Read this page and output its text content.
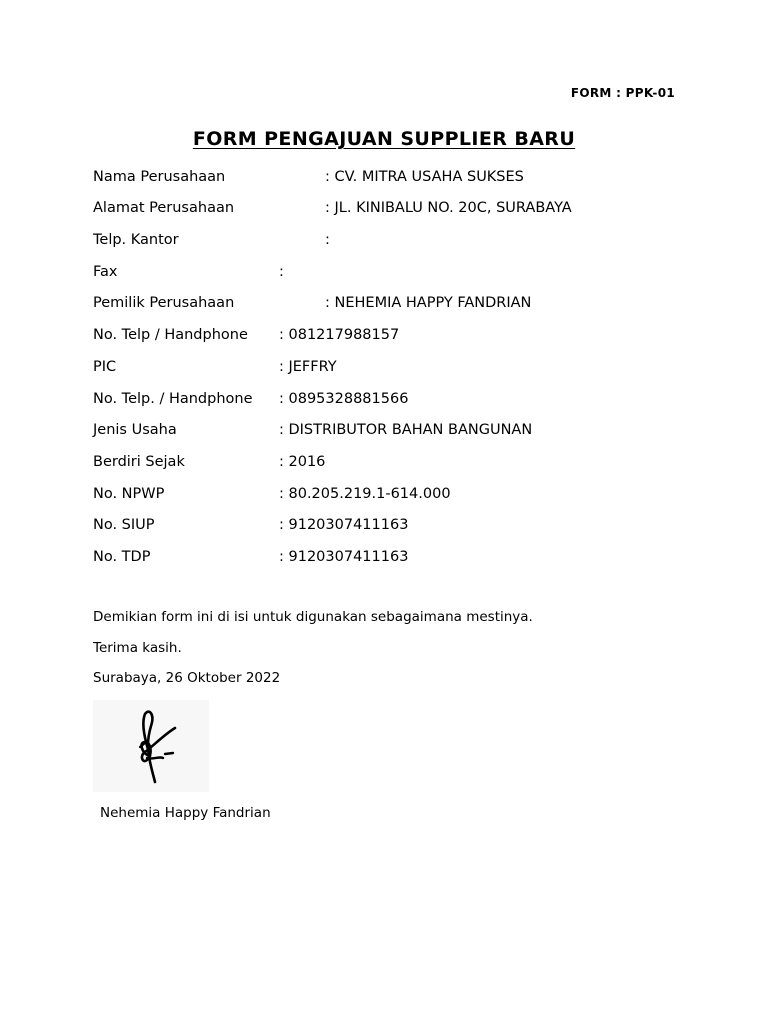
FORM : PPK-01
FORM PENGAJUAN SUPPLIER BARU
Nama Perusahaan	: CV. MITRA USAHA SUKSES
Alamat Perusahaan	: JL. KINIBALU NO. 20C, SURABAYA
Telp. Kantor	:
Fax	:
Pemilik Perusahaan	: NEHEMIA HAPPY FANDRIAN
No. Telp / Handphone : 081217988157
PIC	: JEFFRY
No. Telp. / Handphone : 0895328881566
Jenis Usaha	: DISTRIBUTOR BAHAN BANGUNAN
Berdiri Sejak	: 2016
No. NPWP	: 80.205.219.1-614.000
No. SIUP	: 9120307411163
No. TDP	: 9120307411163
Demikian form ini di isi untuk digunakan sebagaimana mestinya.
Terima kasih.
Surabaya, 26 Oktober 2022
Nehemia Happy Fandrian
